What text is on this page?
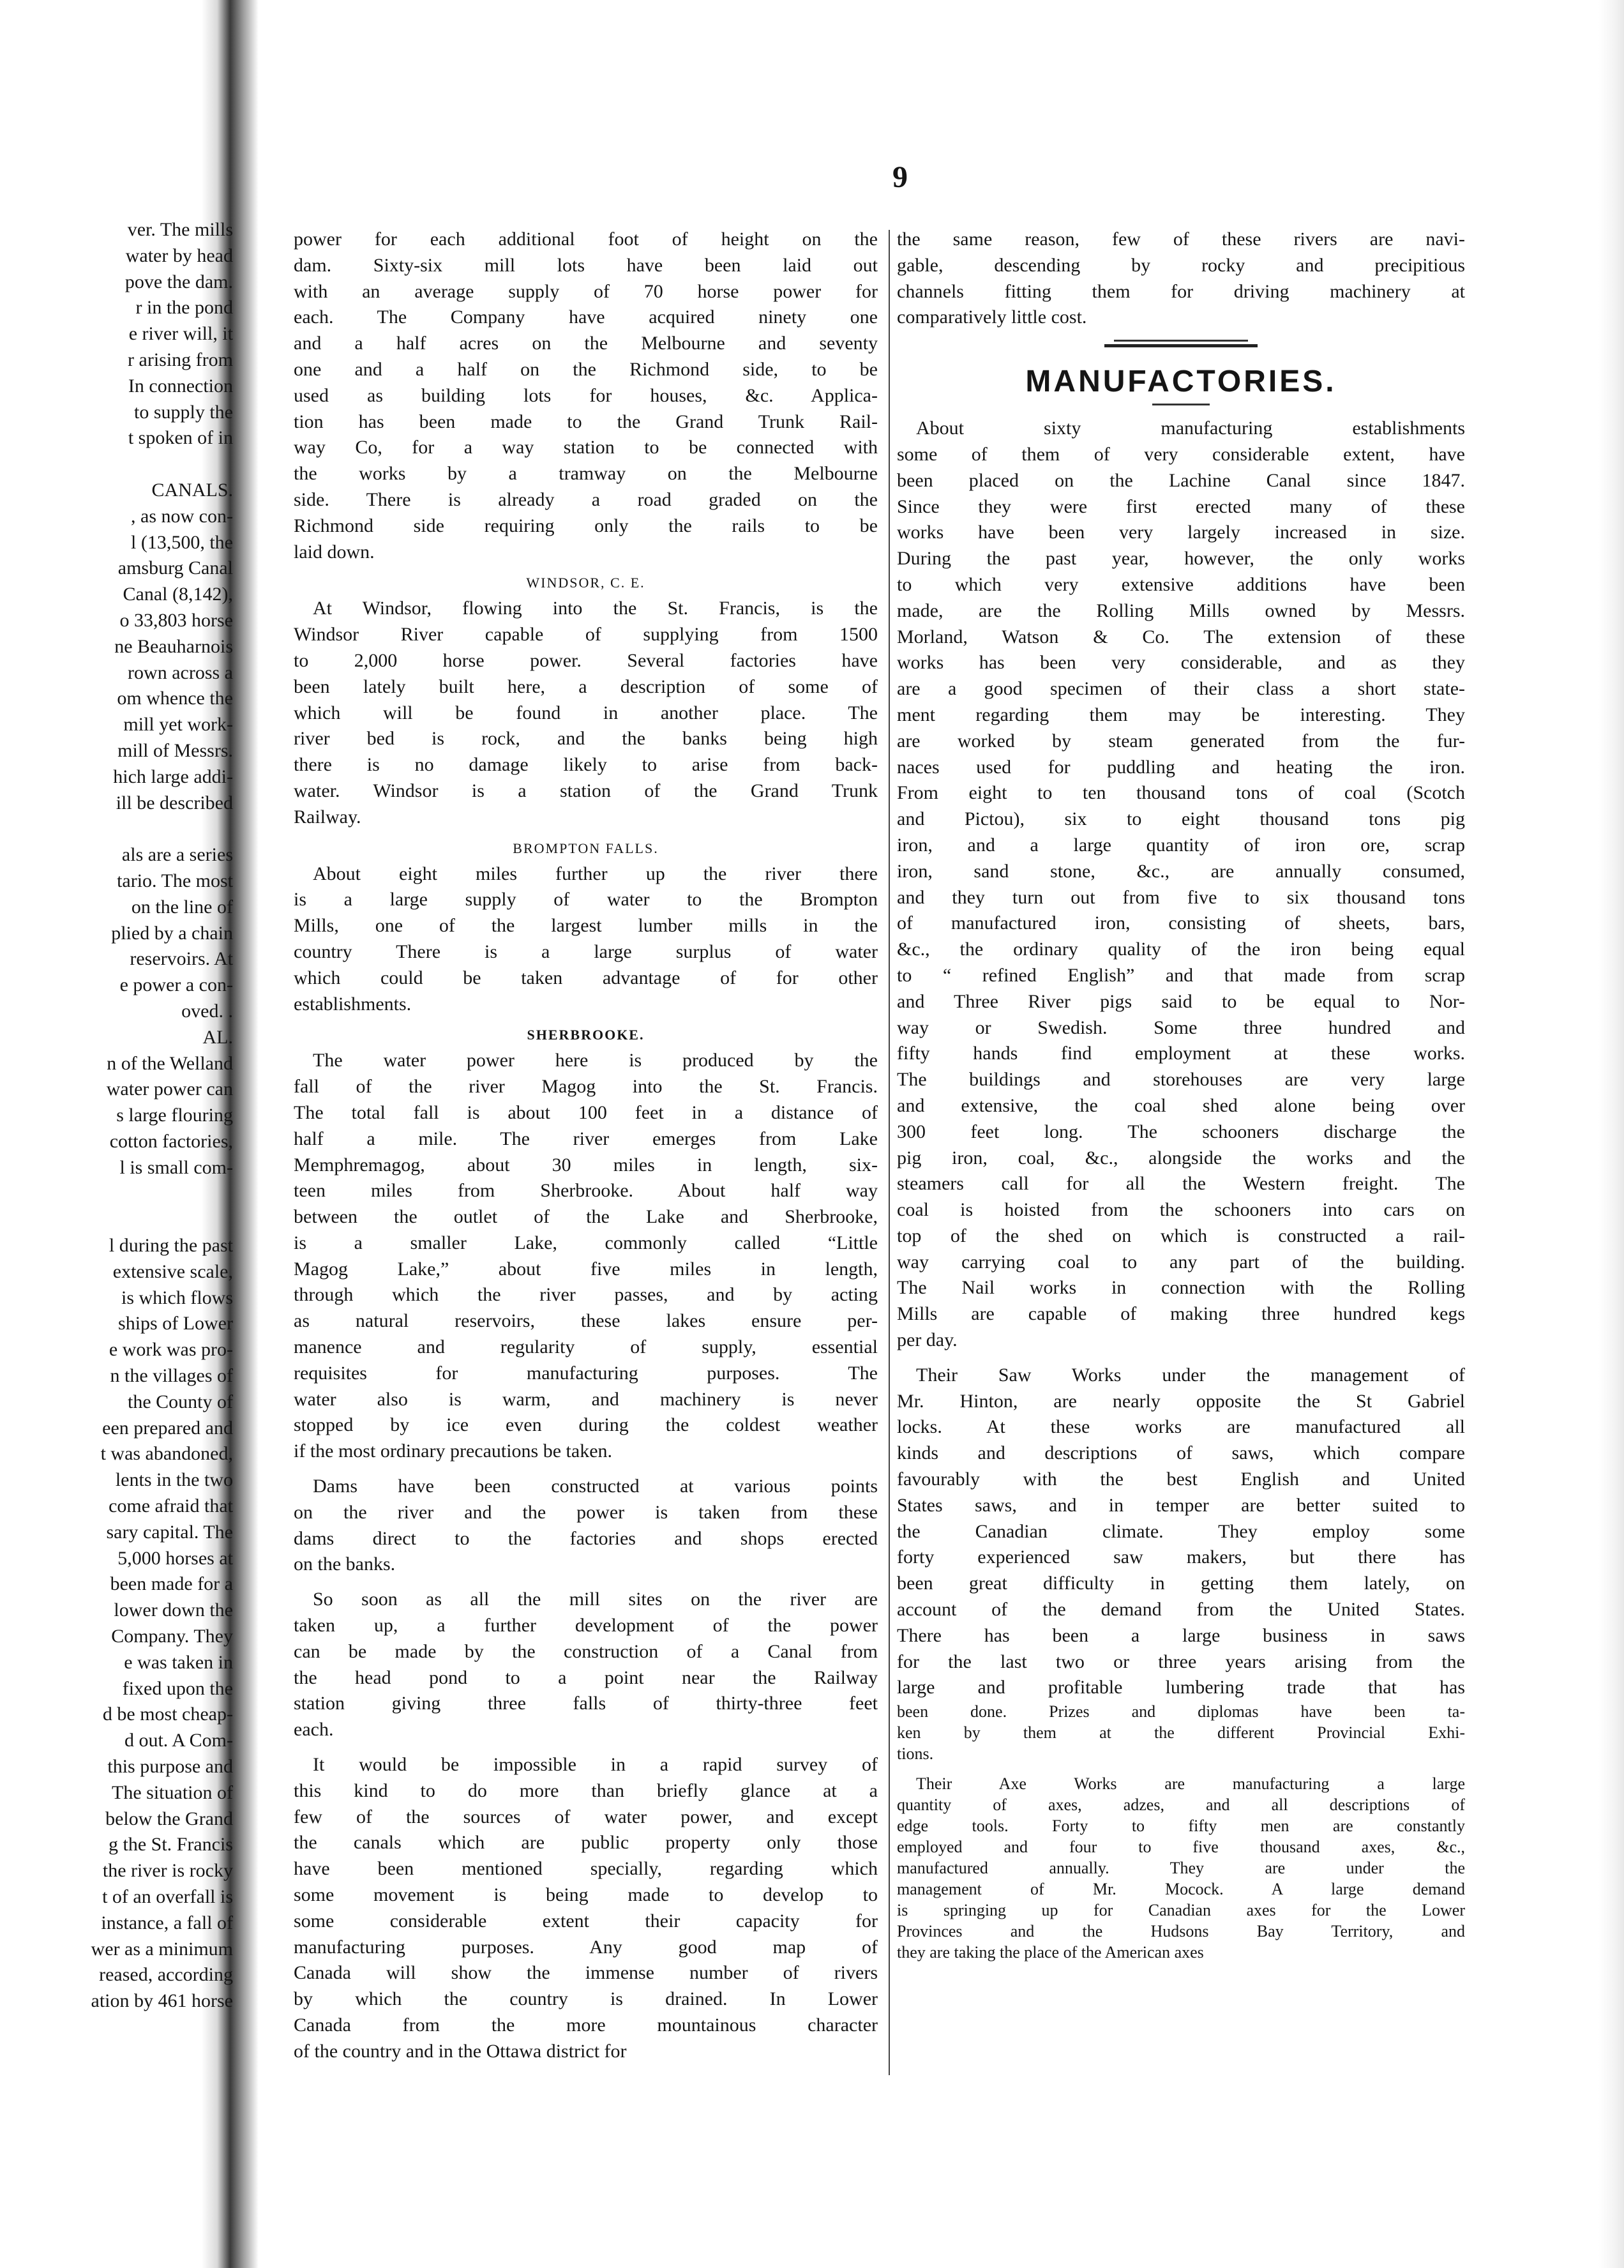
9
ver. The mills
water by head
pove the dam.
r in the pond
e river will, it
r arising from
In connection
to supply the
t spoken of in

CANALS.
, as now con-
l (13,500, the
amsburg Canal
Canal (8,142),
o 33,803 horse
ne Beauharnois
rown across a
om whence the
mill yet work-
mill of Messrs.
hich large addi-
ill be described

als are a series
tario. The most
on the line of
plied by a chain
reservoirs. At
e power a con-
oved. .
AL.
n of the Welland
water power can
s large flouring
cotton factories,
l is small com-

l during the past
extensive scale,
is which flows
ships of Lower
e work was pro-
n the villages of
the County of
een prepared and
t was abandoned,
lents in the two
come afraid that
sary capital. The
5,000 horses at
been made for a
lower down the
Company. They
e was taken in
fixed upon the
d be most cheap-
d out. A Com-
this purpose and
The situation of
below the Grand
g the St. Francis
the river is rocky
t of an overfall is
instance, a fall of
wer as a minimum
reased, according
ation by 461 horse
power for each additional foot of height on the
dam. Sixty-six mill lots have been laid out
with an average supply of 70 horse power for
each. The Company have acquired ninety one
and a half acres on the Melbourne and seventy
one and a half on the Richmond side, to be
used as building lots for houses, &c. Applica-
tion has been made to the Grand Trunk Rail-
way Co, for a way station to be connected with
the works by a tramway on the Melbourne
side. There is already a road graded on the
Richmond side requiring only the rails to be
laid down.
WINDSOR, C. E.
At Windsor, flowing into the St. Francis, is the
Windsor River capable of supplying from 1500
to 2,000 horse power. Several factories have
been lately built here, a description of some of
which will be found in another place. The
river bed is rock, and the banks being high
there is no damage likely to arise from back-
water. Windsor is a station of the Grand Trunk
Railway.
BROMPTON FALLS.
About eight miles further up the river there
is a large supply of water to the Brompton
Mills, one of the largest lumber mills in the
country There is a large surplus of water
which could be taken advantage of for other
establishments.
SHERBROOKE.
The water power here is produced by the
fall of the river Magog into the St. Francis.
The total fall is about 100 feet in a distance of
half a mile. The river emerges from Lake
Memphremagog, about 30 miles in length, six-
teen miles from Sherbrooke. About half way
between the outlet of the Lake and Sherbrooke,
is a smaller Lake, commonly called “Little
Magog Lake,” about five miles in length,
through which the river passes, and by acting
as natural reservoirs, these lakes ensure per-
manence and regularity of supply, essential
requisites for manufacturing purposes. The
water also is warm, and machinery is never
stopped by ice even during the coldest weather
if the most ordinary precautions be taken.
Dams have been constructed at various points
on the river and the power is taken from these
dams direct to the factories and shops erected
on the banks.
So soon as all the mill sites on the river are
taken up, a further development of the power
can be made by the construction of a Canal from
the head pond to a point near the Railway
station giving three falls of thirty-three feet
each.
It would be impossible in a rapid survey of
this kind to do more than briefly glance at a
few of the sources of water power, and except
the canals which are public property only those
have been mentioned specially, regarding which
some movement is being made to develop to
some considerable extent their capacity for
manufacturing purposes. Any good map of
Canada will show the immense number of rivers
by which the country is drained. In Lower
Canada from the more mountainous character
of the country and in the Ottawa district for
the same reason, few of these rivers are navi-
gable, descending by rocky and precipitious
channels fitting them for driving machinery at
comparatively little cost.
MANUFACTORIES.
About sixty manufacturing establishments
some of them of very considerable extent, have
been placed on the Lachine Canal since 1847.
Since they were first erected many of these
works have been very largely increased in size.
During the past year, however, the only works
to which very extensive additions have been
made, are the Rolling Mills owned by Messrs.
Morland, Watson & Co. The extension of these
works has been very considerable, and as they
are a good specimen of their class a short state-
ment regarding them may be interesting. They
are worked by steam generated from the fur-
naces used for puddling and heating the iron.
From eight to ten thousand tons of coal (Scotch
and Pictou), six to eight thousand tons pig
iron, and a large quantity of iron ore, scrap
iron, sand stone, &c., are annually consumed,
and they turn out from five to six thousand tons
of manufactured iron, consisting of sheets, bars,
&c., the ordinary quality of the iron being equal
to “ refined English” and that made from scrap
and Three River pigs said to be equal to Nor-
way or Swedish. Some three hundred and
fifty hands find employment at these works.
The buildings and storehouses are very large
and extensive, the coal shed alone being over
300 feet long. The schooners discharge the
pig iron, coal, &c., alongside the works and the
steamers call for all the Western freight. The
coal is hoisted from the schooners into cars on
top of the shed on which is constructed a rail-
way carrying coal to any part of the building.
The Nail works in connection with the Rolling
Mills are capable of making three hundred kegs
per day.
Their Saw Works under the management of
Mr. Hinton, are nearly opposite the St Gabriel
locks. At these works are manufactured all
kinds and descriptions of saws, which compare
favourably with the best English and United
States saws, and in temper are better suited to
the Canadian climate. They employ some
forty experienced saw makers, but there has
been great difficulty in getting them lately, on
account of the demand from the United States.
There has been a large business in saws
for the last two or three years arising from the
large and profitable lumbering trade that has
been done. Prizes and diplomas have been ta-
ken by them at the different Provincial Exhi-
tions.
Their Axe Works are manufacturing a large
quantity of axes, adzes, and all descriptions of
edge tools. Forty to fifty men are constantly
employed and four to five thousand axes, &c.,
manufactured annually. They are under the
management of Mr. Mocock. A large demand
is springing up for Canadian axes for the Lower
Provinces and the Hudsons Bay Territory, and
they are taking the place of the American axes
